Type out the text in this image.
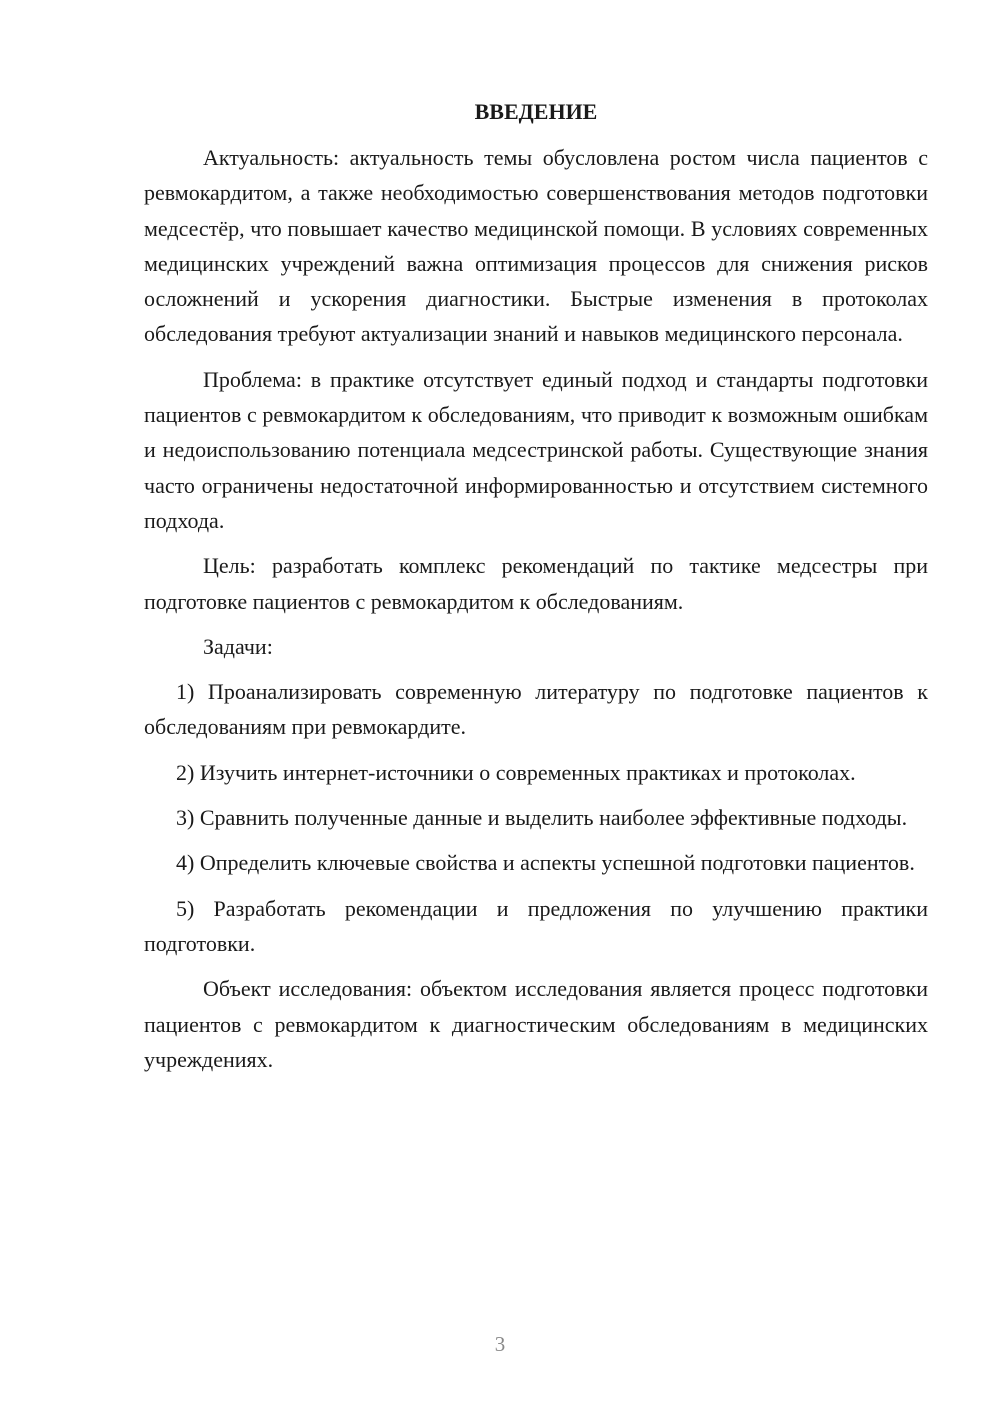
ВВЕДЕНИЕ

Актуальность: актуальность темы обусловлена ростом числа пациентов с ревмокардитом, а также необходимостью совершенствования методов подготовки медсестёр, что повышает качество медицинской помощи. В условиях современных медицинских учреждений важна оптимизация процессов для снижения рисков осложнений и ускорения диагностики. Быстрые изменения в протоколах обследования требуют актуализации знаний и навыков медицинского персонала.

Проблема: в практике отсутствует единый подход и стандарты подготовки пациентов с ревмокардитом к обследованиям, что приводит к возможным ошибкам и недоиспользованию потенциала медсестринской работы. Существующие знания часто ограничены недостаточной информированностью и отсутствием системного подхода.

Цель: разработать комплекс рекомендаций по тактике медсестры при подготовке пациентов с ревмокардитом к обследованиям.

Задачи:

1) Проанализировать современную литературу по подготовке пациентов к обследованиям при ревмокардите.

2) Изучить интернет-источники о современных практиках и протоколах.

3) Сравнить полученные данные и выделить наиболее эффективные подходы.

4) Определить ключевые свойства и аспекты успешной подготовки пациентов.

5) Разработать рекомендации и предложения по улучшению практики подготовки.

Объект исследования: объектом исследования является процесс подготовки пациентов с ревмокардитом к диагностическим обследованиям в медицинских учреждениях.

3
